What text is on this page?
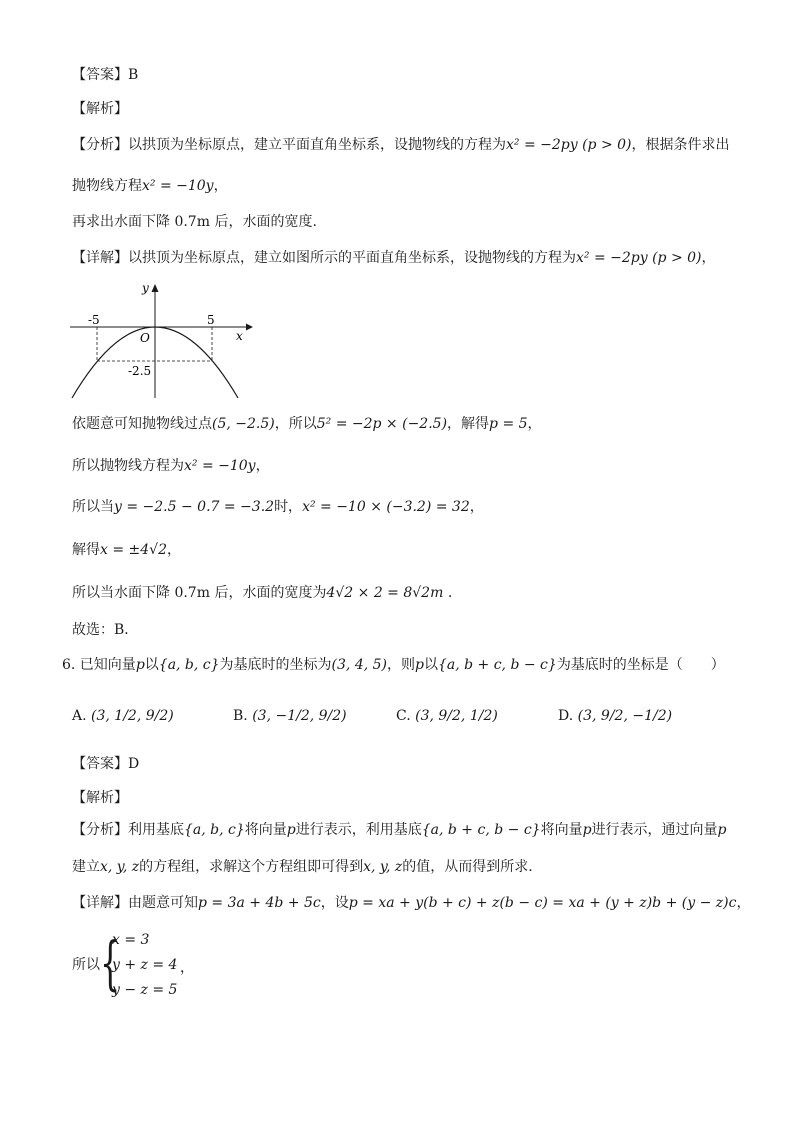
【答案】B
【解析】
【分析】以拱顶为坐标原点，建立平面直角坐标系，设抛物线的方程为x² = −2py (p > 0)，根据条件求出
抛物线方程x² = −10y，
再求出水面下降 0.7m 后，水面的宽度.
【详解】以拱顶为坐标原点，建立如图所示的平面直角坐标系，设抛物线的方程为x² = −2py (p > 0)，
y
x
O
-5	5
-2.5
依题意可知抛物线过点(5, −2.5)，所以5² = −2p × (−2.5)，解得p = 5，
所以抛物线方程为x² = −10y，
所以当y = −2.5 − 0.7 = −3.2时，x² = −10 × (−3.2) = 32，
解得x = ±4√2，
所以当水面下降 0.7m 后，水面的宽度为4√2 × 2 = 8√2m .
故选：B．
6. 已知向量p以{a, b, c}为基底时的坐标为(3, 4, 5)，则p以{a, b + c, b − c}为基底时的坐标是（　　）
A. (3, 1/2, 9/2)	B. (3, −1/2, 9/2)	C. (3, 9/2, 1/2)	D. (3, 9/2, −1/2)
【答案】D
【解析】
【分析】利用基底{a, b, c}将向量p进行表示，利用基底{a, b + c, b − c}将向量p进行表示，通过向量p
建立x, y, z的方程组，求解这个方程组即可得到x, y, z的值，从而得到所求.
【详解】由题意可知p = 3a + 4b + 5c，设p = xa + y(b + c) + z(b − c) = xa + (y + z)b + (y − z)c，
所以 {
x = 3
y + z = 4 ，
y − z = 5
